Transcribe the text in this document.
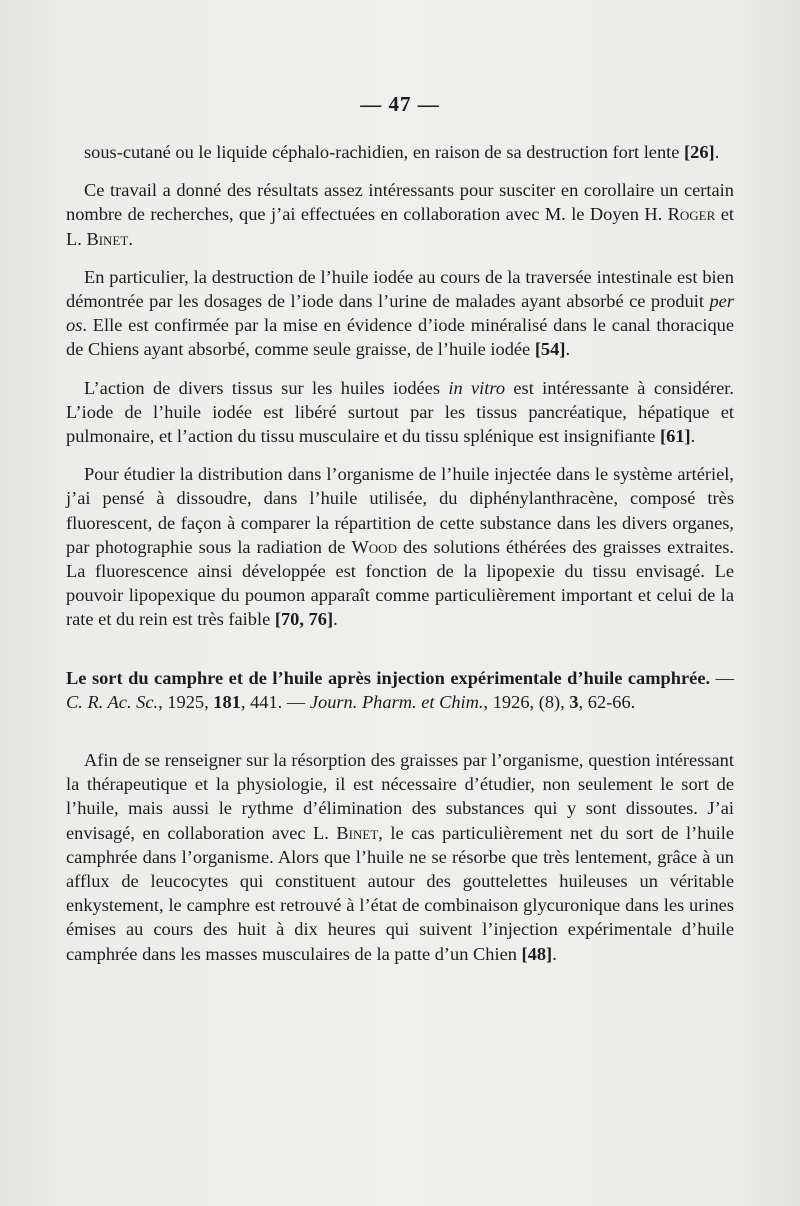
— 47 —

sous-cutané ou le liquide céphalo-rachidien, en raison de sa destruction fort lente [26].

Ce travail a donné des résultats assez intéressants pour susciter en corollaire un certain nombre de recherches, que j’ai effectuées en collaboration avec M. le Doyen H. Roger et L. Binet.

En particulier, la destruction de l’huile iodée au cours de la traversée intestinale est bien démontrée par les dosages de l’iode dans l’urine de malades ayant absorbé ce produit per os. Elle est confirmée par la mise en évidence d’iode minéralisé dans le canal thoracique de Chiens ayant absorbé, comme seule graisse, de l’huile iodée [54].

L’action de divers tissus sur les huiles iodées in vitro est intéressante à considérer. L’iode de l’huile iodée est libéré surtout par les tissus pancréatique, hépatique et pulmonaire, et l’action du tissu musculaire et du tissu splénique est insignifiante [61].

Pour étudier la distribution dans l’organisme de l’huile injectée dans le système artériel, j’ai pensé à dissoudre, dans l’huile utilisée, du diphénylanthracène, composé très fluorescent, de façon à comparer la répartition de cette substance dans les divers organes, par photographie sous la radiation de Wood des solutions éthérées des graisses extraites. La fluorescence ainsi développée est fonction de la lipopexie du tissu envisagé. Le pouvoir lipopexique du poumon apparaît comme particulièrement important et celui de la rate et du rein est très faible [70, 76].

Le sort du camphre et de l’huile après injection expérimentale d’huile camphrée. — C. R. Ac. Sc., 1925, 181, 441. — Journ. Pharm. et Chim., 1926, (8), 3, 62-66.

Afin de se renseigner sur la résorption des graisses par l’organisme, question intéressant la thérapeutique et la physiologie, il est nécessaire d’étudier, non seulement le sort de l’huile, mais aussi le rythme d’élimination des substances qui y sont dissoutes. J’ai envisagé, en collaboration avec L. Binet, le cas particulièrement net du sort de l’huile camphrée dans l’organisme. Alors que l’huile ne se résorbe que très lentement, grâce à un afflux de leucocytes qui constituent autour des gouttelettes huileuses un véritable enkystement, le camphre est retrouvé à l’état de combinaison glycuronique dans les urines émises au cours des huit à dix heures qui suivent l’injection expérimentale d’huile camphrée dans les masses musculaires de la patte d’un Chien [48].
